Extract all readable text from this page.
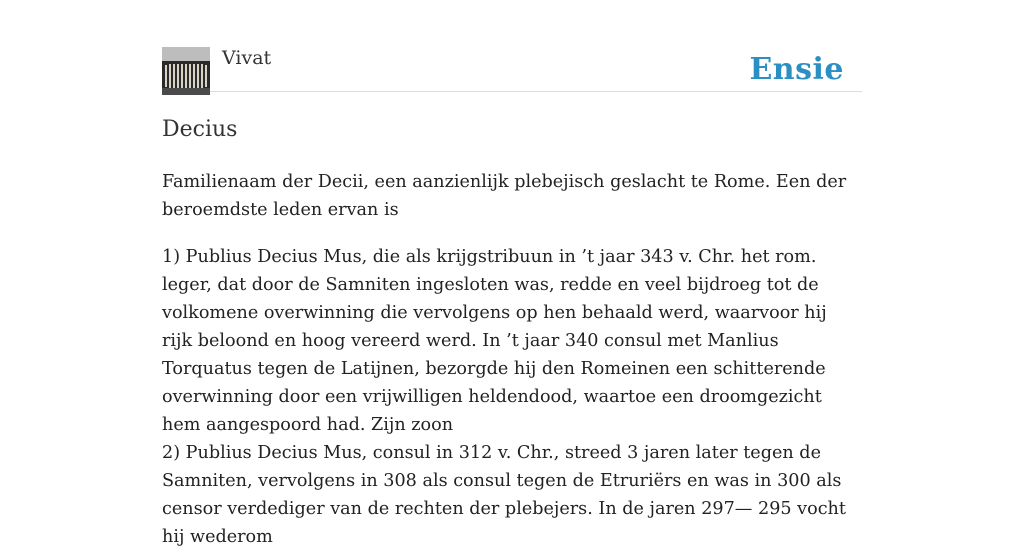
Vivat	Ensie
Decius

Familienaam der Decii, een aanzienlijk plebejisch geslacht te Rome. Een der beroemdste leden ervan is

1) Publius Decius Mus, die als krijgstribuun in ’t jaar 343 v. Chr. het rom. leger, dat door de Samniten ingesloten was, redde en veel bijdroeg tot de volkomene overwinning die vervolgens op hen behaald werd, waarvoor hij rijk beloond en hoog vereerd werd. In ’t jaar 340 consul met Manlius Torquatus tegen de Latijnen, bezorgde hij den Romeinen een schitterende overwinning door een vrijwilligen heldendood, waartoe een droomgezicht hem aangespoord had. Zijn zoon

2) Publius Decius Mus, consul in 312 v. Chr., streed 3 jaren later tegen de Samniten, vervolgens in 308 als consul tegen de Etruriërs en was in 300 als censor verdediger van de rechten der plebejers. In de jaren 297— 295 vocht hij wederom
